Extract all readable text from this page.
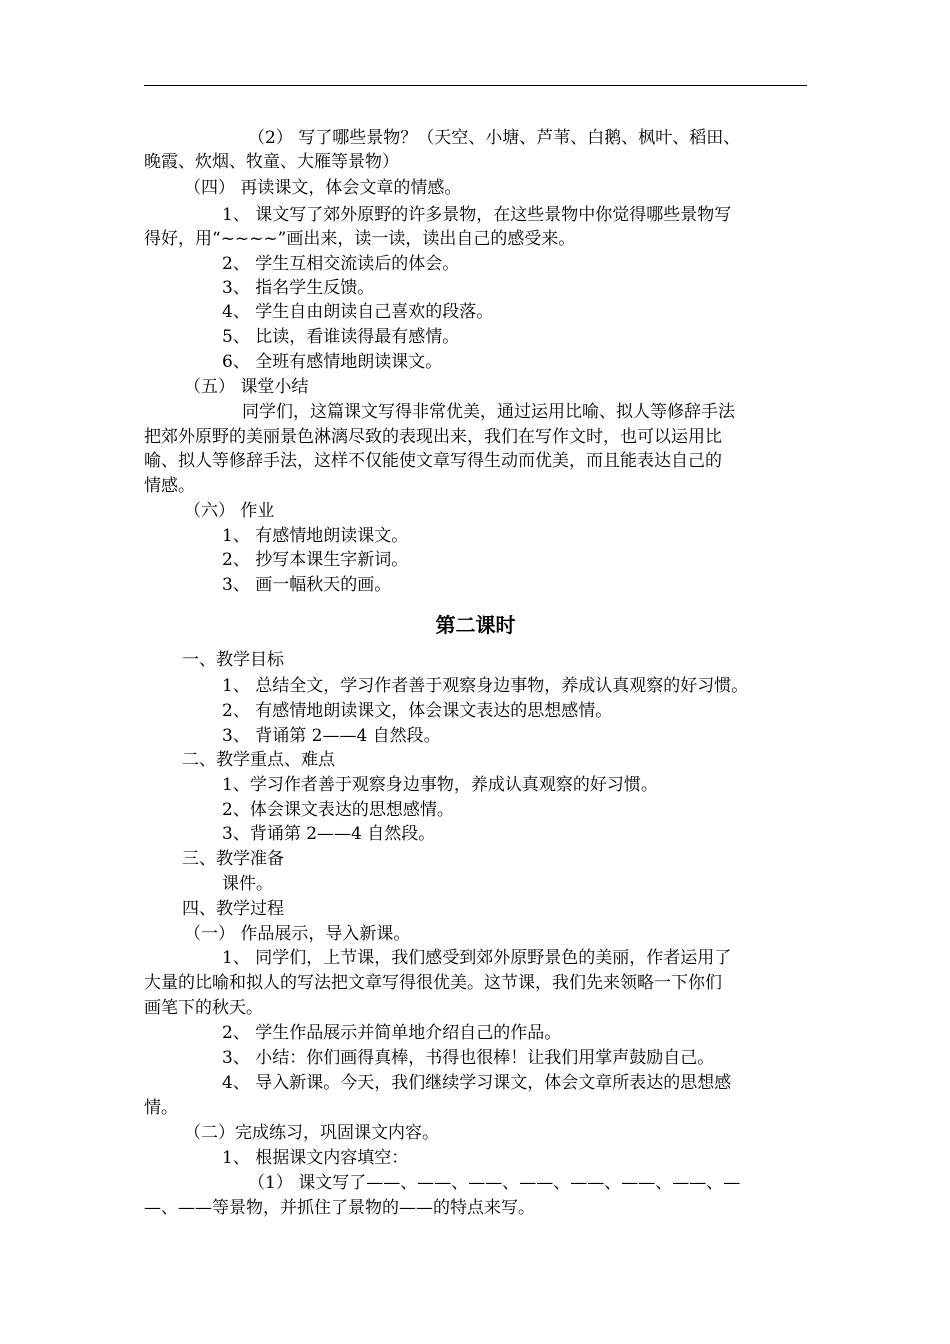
（2） 写了哪些景物？（天空、小塘、芦苇、白鹅、枫叶、稻田、
晚霞、炊烟、牧童、大雁等景物）
（四） 再读课文，体会文章的情感。
1、 课文写了郊外原野的许多景物，在这些景物中你觉得哪些景物写
得好，用“~~~~”画出来，读一读，读出自己的感受来。
2、 学生互相交流读后的体会。
3、 指名学生反馈。
4、 学生自由朗读自己喜欢的段落。
5、 比读，看谁读得最有感情。
6、 全班有感情地朗读课文。
（五） 课堂小结
同学们，这篇课文写得非常优美，通过运用比喻、拟人等修辞手法
把郊外原野的美丽景色淋漓尽致的表现出来，我们在写作文时，也可以运用比
喻、拟人等修辞手法，这样不仅能使文章写得生动而优美，而且能表达自己的
情感。
（六） 作业
1、 有感情地朗读课文。
2、 抄写本课生字新词。
3、 画一幅秋天的画。
第二课时
一、教学目标
1、 总结全文，学习作者善于观察身边事物，养成认真观察的好习惯。
2、 有感情地朗读课文，体会课文表达的思想感情。
3、 背诵第 2——4 自然段。
二、教学重点、难点
1、学习作者善于观察身边事物，养成认真观察的好习惯。
2、体会课文表达的思想感情。
3、背诵第 2——4 自然段。
三、教学准备
课件。
四、教学过程
（一） 作品展示，导入新课。
1、 同学们，上节课，我们感受到郊外原野景色的美丽，作者运用了
大量的比喻和拟人的写法把文章写得很优美。这节课，我们先来领略一下你们
画笔下的秋天。
2、 学生作品展示并简单地介绍自己的作品。
3、 小结：你们画得真棒，书得也很棒！让我们用掌声鼓励自己。
4、 导入新课。今天，我们继续学习课文，体会文章所表达的思想感
情。
（二）完成练习，巩固课文内容。
1、 根据课文内容填空：
（1） 课文写了——、——、——、——、——、——、——、—
—、——等景物，并抓住了景物的——的特点来写。
